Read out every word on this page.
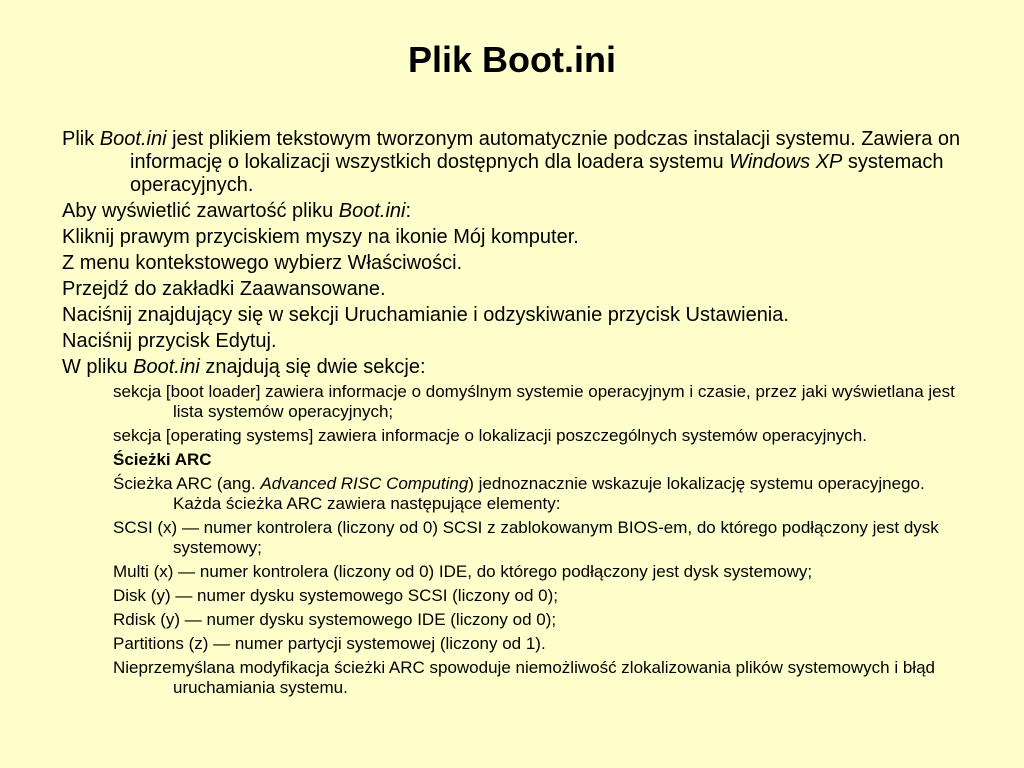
Plik Boot.ini
Plik Boot.ini jest plikiem tekstowym tworzonym automatycznie podczas instalacji systemu. Zawiera on informację o lokalizacji wszystkich dostępnych dla loadera systemu Windows XP systemach operacyjnych.
Aby wyświetlić zawartość pliku Boot.ini:
Kliknij prawym przyciskiem myszy na ikonie Mój komputer.
Z menu kontekstowego wybierz Właściwości.
Przejdź do zakładki Zaawansowane.
Naciśnij znajdujący się w sekcji Uruchamianie i odzyskiwanie przycisk Ustawienia.
Naciśnij przycisk Edytuj.
W pliku Boot.ini znajdują się dwie sekcje:
sekcja [boot loader] zawiera informacje o domyślnym systemie operacyjnym i czasie, przez jaki wyświetlana jest lista systemów operacyjnych;
sekcja [operating systems] zawiera informacje o lokalizacji poszczególnych systemów operacyjnych.
Ścieżki ARC
Ścieżka ARC (ang. Advanced RISC Computing) jednoznacznie wskazuje lokalizację systemu operacyjnego. Każda ścieżka ARC zawiera następujące elementy:
SCSI (x) — numer kontrolera (liczony od 0) SCSI z zablokowanym BIOS-em, do którego podłączony jest dysk systemowy;
Multi (x) — numer kontrolera (liczony od 0) IDE, do którego podłączony jest dysk systemowy;
Disk (y) — numer dysku systemowego SCSI (liczony od 0);
Rdisk (y) — numer dysku systemowego IDE (liczony od 0);
Partitions (z) — numer partycji systemowej (liczony od 1).
Nieprzemyślana modyfikacja ścieżki ARC spowoduje niemożliwość zlokalizowania plików systemowych i błąd uruchamiania systemu.
